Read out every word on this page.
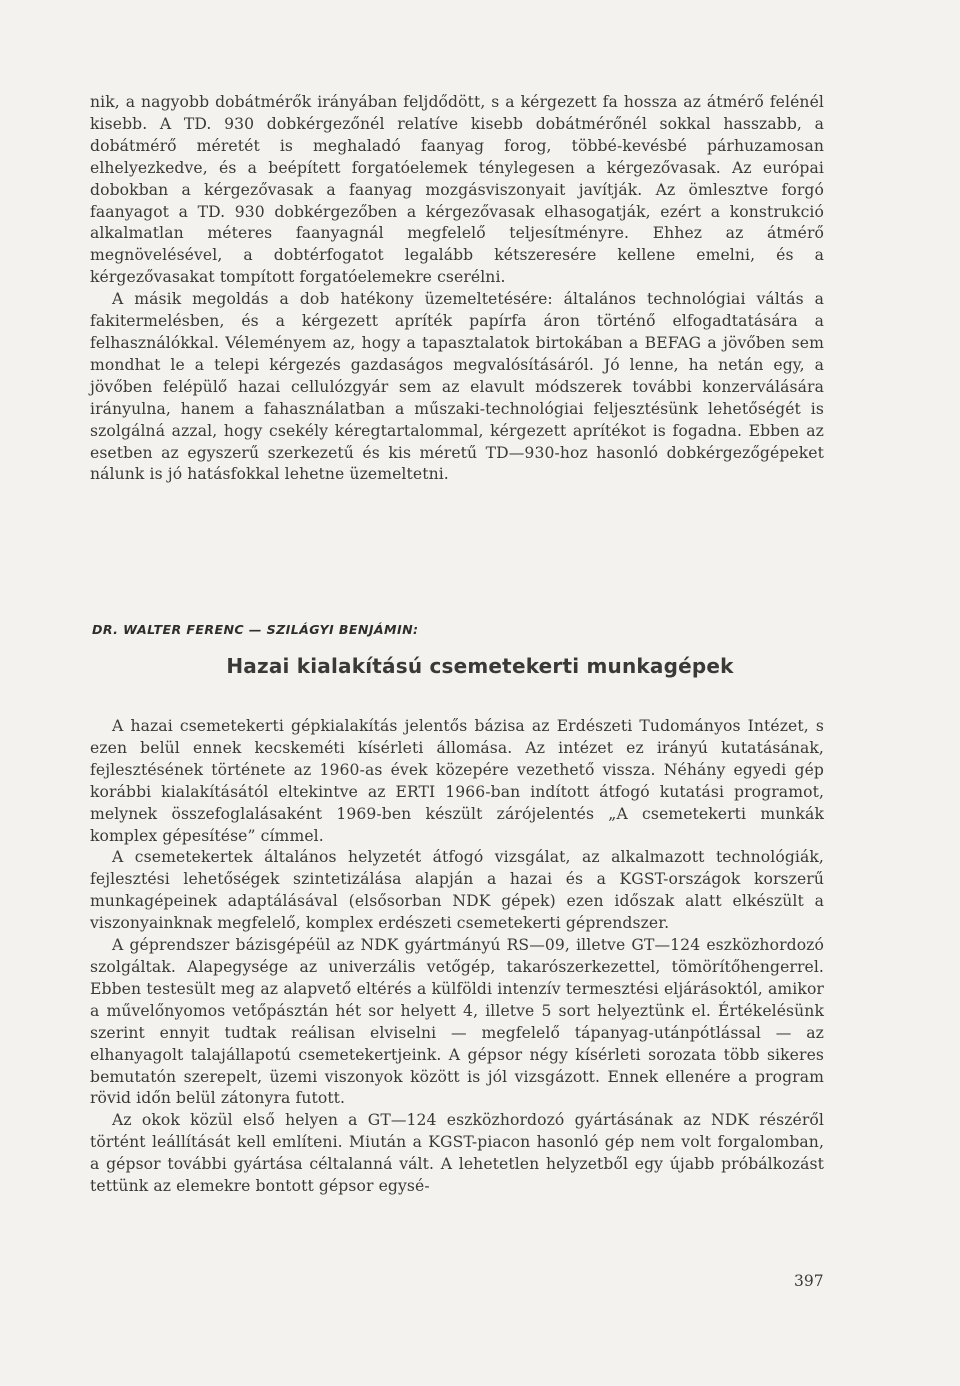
nik, a nagyobb dobátmérők irányában feljdődött, s a kérgezett fa hossza az átmérő felénél kisebb. A TD. 930 dobkérgezőnél relatíve kisebb dobátmérőnél sokkal hasszabb, a dobátmérő méretét is meghaladó faanyag forog, többé-kevésbé párhuzamosan elhelyezkedve, és a beépített forgatóelemek ténylegesen a kérgezővasak. Az európai dobokban a kérgezővasak a faanyag mozgásviszonyait javítják. Az ömlesztve forgó faanyagot a TD. 930 dobkérgezőben a kérgezővasak elhasogatják, ezért a konstrukció alkalmatlan méteres faanyagnál megfelelő teljesítményre. Ehhez az átmérő megnövelésével, a dobtérfogatot legalább kétszeresére kellene emelni, és a kérgezővasakat tompított forgatóelemekre cserélni.

A másik megoldás a dob hatékony üzemeltetésére: általános technológiai váltás a fakitermelésben, és a kérgezett apríték papírfa áron történő elfogadtatására a felhasználókkal. Véleményem az, hogy a tapasztalatok birtokában a BEFAG a jövőben sem mondhat le a telepi kérgezés gazdaságos megvalósításáról. Jó lenne, ha netán egy, a jövőben felépülő hazai cellulózgyár sem az elavult módszerek további konzerválására irányulna, hanem a fahasználatban a műszaki-technológiai feljesztésünk lehetőségét is szolgálná azzal, hogy csekély kéregtartalommal, kérgezett aprítékot is fogadna. Ebben az esetben az egyszerű szerkezetű és kis méretű TD—930-hoz hasonló dobkérgezőgépeket nálunk is jó hatásfokkal lehetne üzemeltetni.

DR. WALTER FERENC — SZILÁGYI BENJÁMIN:

Hazai kialakítású csemetekerti munkagépek

A hazai csemetekerti gépkialakítás jelentős bázisa az Erdészeti Tudományos Intézet, s ezen belül ennek kecskeméti kísérleti állomása. Az intézet ez irányú kutatásának, fejlesztésének története az 1960-as évek közepére vezethető vissza. Néhány egyedi gép korábbi kialakításától eltekintve az ERTI 1966-ban indított átfogó kutatási programot, melynek összefoglalásaként 1969-ben készült zárójelentés „A csemetekerti munkák komplex gépesítése” címmel.

A csemetekertek általános helyzetét átfogó vizsgálat, az alkalmazott technológiák, fejlesztési lehetőségek szintetizálása alapján a hazai és a KGST-országok korszerű munkagépeinek adaptálásával (elsősorban NDK gépek) ezen időszak alatt elkészült a viszonyainknak megfelelő, komplex erdészeti csemetekerti géprendszer.

A géprendszer bázisgépéül az NDK gyártmányú RS—09, illetve GT—124 eszközhordozó szolgáltak. Alapegysége az univerzális vetőgép, takarószerkezettel, tömörítőhengerrel. Ebben testesült meg az alapvető eltérés a külföldi intenzív termesztési eljárásoktól, amikor a művelőnyomos vetőpásztán hét sor helyett 4, illetve 5 sort helyeztünk el. Értékelésünk szerint ennyit tudtak reálisan elviselni — megfelelő tápanyag-utánpótlással — az elhanyagolt talajállapotú csemetekertjeink. A gépsor négy kísérleti sorozata több sikeres bemutatón szerepelt, üzemi viszonyok között is jól vizsgázott. Ennek ellenére a program rövid időn belül zátonyra futott.

Az okok közül első helyen a GT—124 eszközhordozó gyártásának az NDK részéről történt leállítását kell említeni. Miután a KGST-piacon hasonló gép nem volt forgalomban, a gépsor további gyártása céltalanná vált. A lehetetlen helyzetből egy újabb próbálkozást tettünk az elemekre bontott gépsor egysé-

397
